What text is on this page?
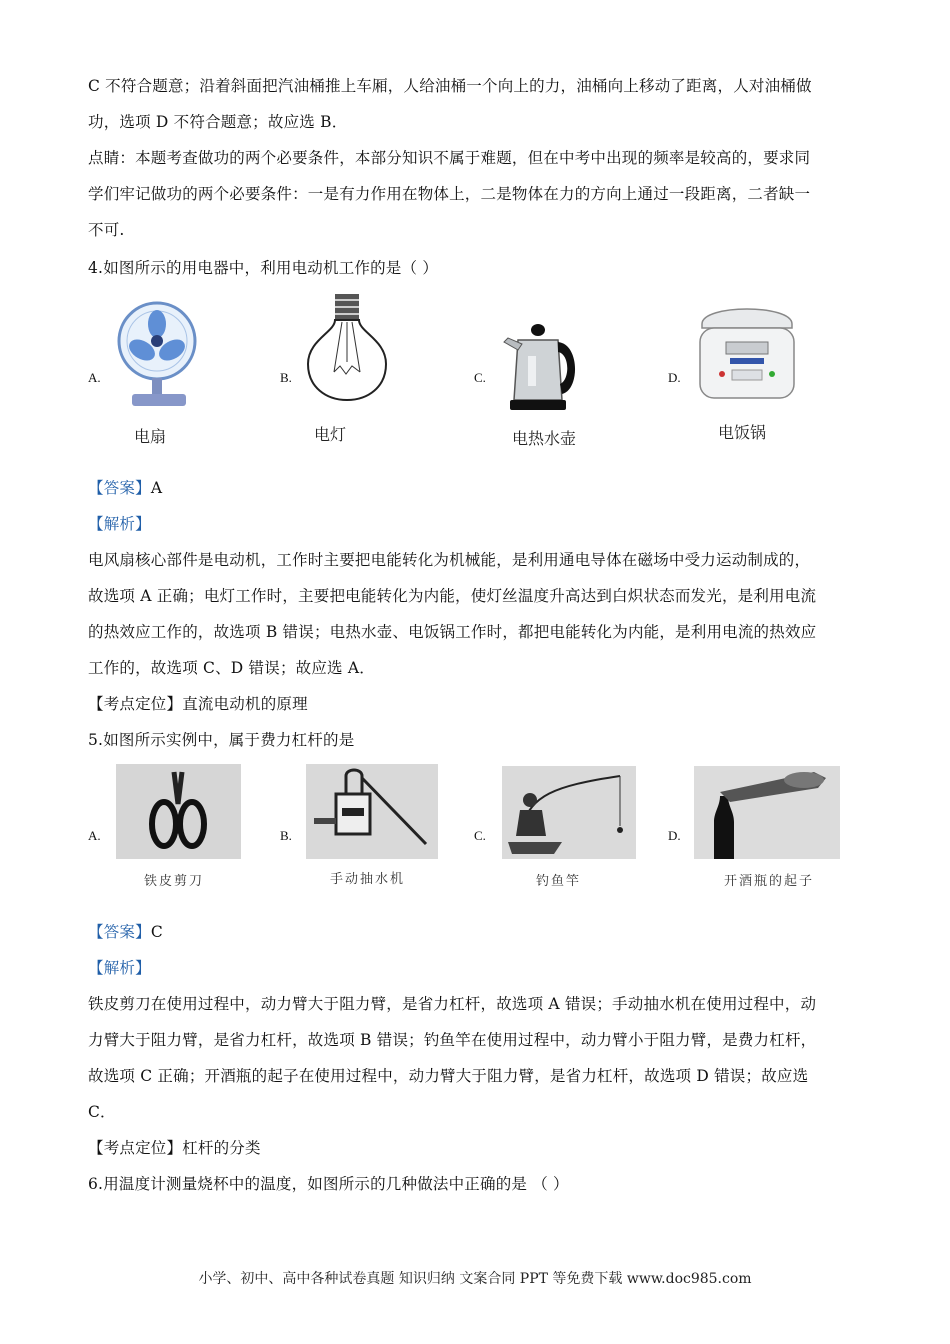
C 不符合题意；沿着斜面把汽油桶推上车厢，人给油桶一个向上的力，油桶向上移动了距离，人对油桶做
功，选项 D 不符合题意；故应选 B．
点睛：本题考查做功的两个必要条件，本部分知识不属于难题，但在中考中出现的频率是较高的，要求同
学们牢记做功的两个必要条件：一是有力作用在物体上，二是物体在力的方向上通过一段距离，二者缺一
不可.
4.如图所示的用电器中，利用电动机工作的是（ ）
A.
电扇
B.
电灯
C.
电热水壶
D.
电饭锅
【答案】A
【解析】
电风扇核心部件是电动机，工作时主要把电能转化为机械能，是利用通电导体在磁场中受力运动制成的，
故选项 A 正确；电灯工作时，主要把电能转化为内能，使灯丝温度升高达到白炽状态而发光，是利用电流
的热效应工作的，故选项 B 错误；电热水壶、电饭锅工作时，都把电能转化为内能，是利用电流的热效应
工作的，故选项 C、D 错误；故应选 A．
【考点定位】直流电动机的原理
5.如图所示实例中，属于费力杠杆的是
A.
铁皮剪刀
B.
手动抽水机
C.
钓鱼竿
D.
开酒瓶的起子
【答案】C
【解析】
铁皮剪刀在使用过程中，动力臂大于阻力臂，是省力杠杆，故选项 A 错误；手动抽水机在使用过程中，动
力臂大于阻力臂，是省力杠杆，故选项 B 错误；钓鱼竿在使用过程中，动力臂小于阻力臂，是费力杠杆，
故选项 C 正确；开酒瓶的起子在使用过程中，动力臂大于阻力臂，是省力杠杆，故选项 D 错误；故应选
C．
【考点定位】杠杆的分类
6.用温度计测量烧杯中的温度，如图所示的几种做法中正确的是 （ ）
小学、初中、高中各种试卷真题 知识归纳 文案合同 PPT 等免费下载 www.doc985.com
